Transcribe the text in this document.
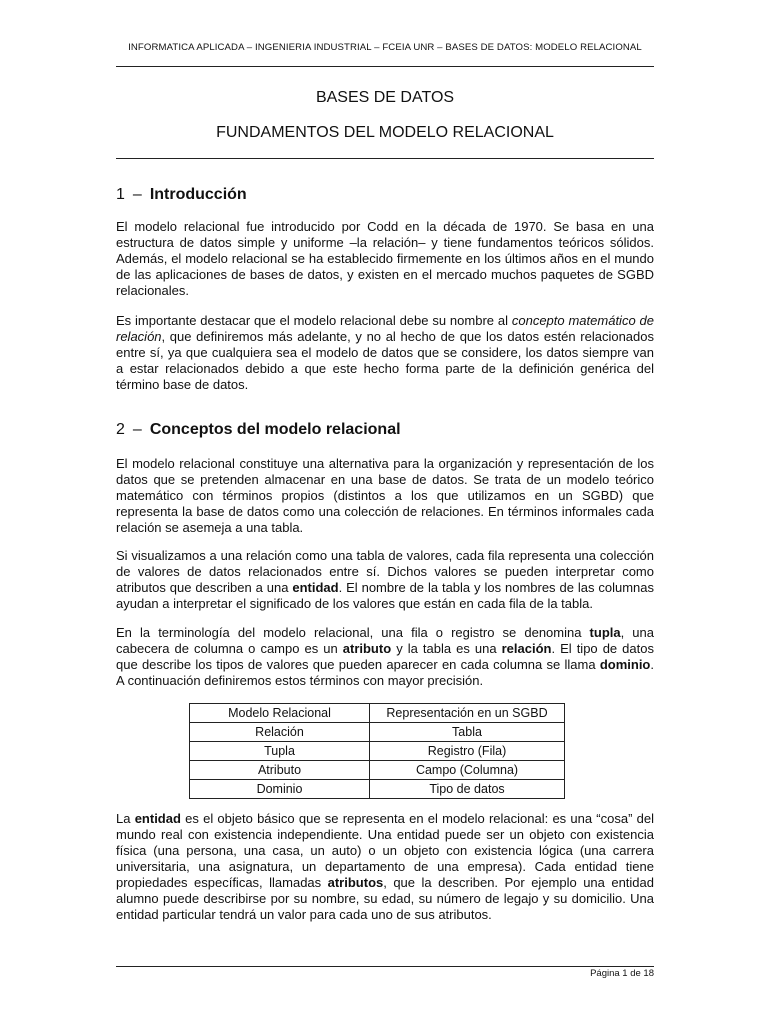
INFORMATICA APLICADA – INGENIERIA INDUSTRIAL – FCEIA UNR – BASES DE DATOS: MODELO RELACIONAL
BASES DE DATOS
FUNDAMENTOS DEL MODELO RELACIONAL
1 – Introducción
El modelo relacional fue introducido por Codd en la década de 1970. Se basa en una
estructura de datos simple y uniforme –la relación– y tiene fundamentos teóricos sólidos.
Además, el modelo relacional se ha establecido firmemente en los últimos años en el mundo
de las aplicaciones de bases de datos, y existen en el mercado muchos paquetes de SGBD
relacionales.
Es importante destacar que el modelo relacional debe su nombre al concepto matemático de
relación, que definiremos más adelante, y no al hecho de que los datos estén relacionados
entre sí, ya que cualquiera sea el modelo de datos que se considere, los datos siempre van
a estar relacionados debido a que este hecho forma parte de la definición genérica del
término base de datos.
2 – Conceptos del modelo relacional
El modelo relacional constituye una alternativa para la organización y representación de los
datos que se pretenden almacenar en una base de datos. Se trata de un modelo teórico
matemático con términos propios (distintos a los que utilizamos en un SGBD) que
representa la base de datos como una colección de relaciones. En términos informales cada
relación se asemeja a una tabla.
Si visualizamos a una relación como una tabla de valores, cada fila representa una colección
de valores de datos relacionados entre sí. Dichos valores se pueden interpretar como
atributos que describen a una entidad. El nombre de la tabla y los nombres de las columnas
ayudan a interpretar el significado de los valores que están en cada fila de la tabla.
En la terminología del modelo relacional, una fila o registro se denomina tupla, una
cabecera de columna o campo es un atributo y la tabla es una relación. El tipo de datos
que describe los tipos de valores que pueden aparecer en cada columna se llama dominio.
A continuación definiremos estos términos con mayor precisión.
Modelo Relacional	Representación en un SGBD
Relación	Tabla
Tupla	Registro (Fila)
Atributo	Campo (Columna)
Dominio	Tipo de datos
La entidad es el objeto básico que se representa en el modelo relacional: es una “cosa” del
mundo real con existencia independiente. Una entidad puede ser un objeto con existencia
física (una persona, una casa, un auto) o un objeto con existencia lógica (una carrera
universitaria, una asignatura, un departamento de una empresa). Cada entidad tiene
propiedades específicas, llamadas atributos, que la describen. Por ejemplo una entidad
alumno puede describirse por su nombre, su edad, su número de legajo y su domicilio. Una
entidad particular tendrá un valor para cada uno de sus atributos.
Página 1 de 18
